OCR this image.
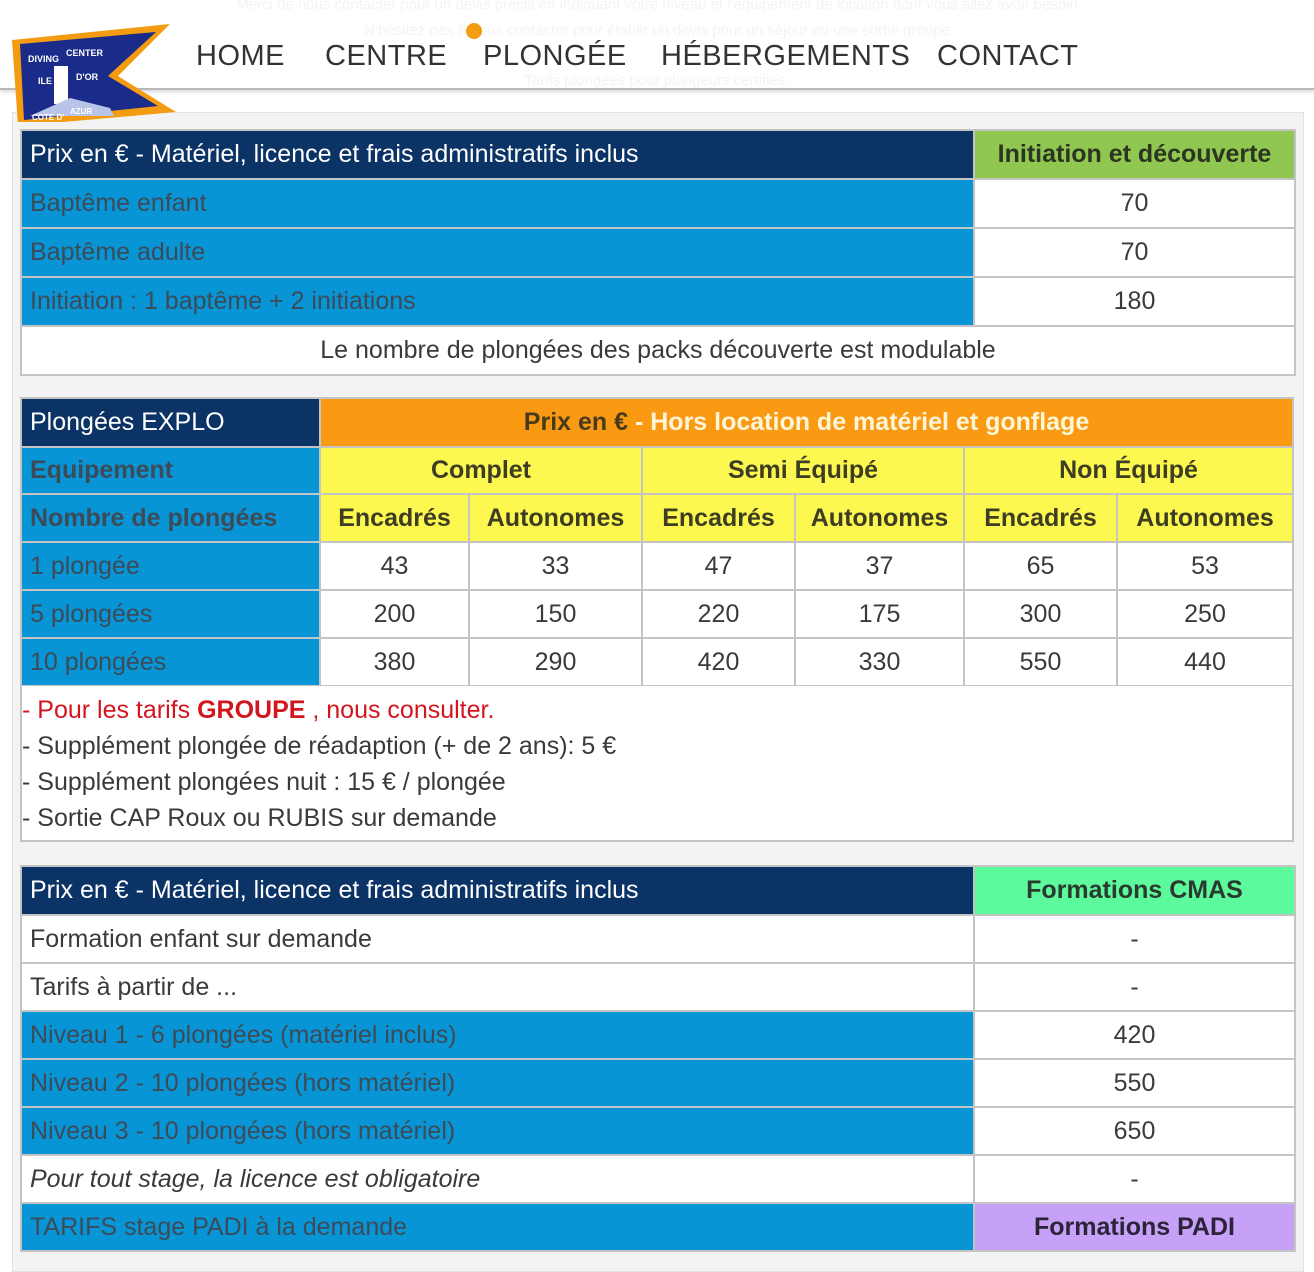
HOME CENTRE PLONGÉE HÉBERGEMENTS CONTACT
DIVING
CENTER
ILE	D'OR
COTE D'
AZUR
Prix en € - Matériel, licence et frais administratifs inclus	Initiation et découverte
Baptême enfant	70
Baptême adulte	70
Initiation : 1 baptême + 2 initiations	180
Le nombre de plongées des packs découverte est modulable	
Plongées EXPLO	Prix en € - Hors location de matériel et gonflage					
Equipement	Complet		Semi Équipé		Non Équipé	
Nombre de plongées	Encadrés	Autonomes	Encadrés	Autonomes	Encadrés	Autonomes
1 plongée	43	33	47	37	65	53
5 plongées	200	150	220	175	300	250
10 plongées	380	290	420	330	550	440
- Pour les tarifs GROUPE , nous consulter.
- Supplément plongée de réadaption (+ de 2 ans): 5 €
- Supplément plongées nuit : 15 € / plongée
- Sortie CAP Roux ou RUBIS sur demande
Prix en € - Matériel, licence et frais administratifs inclus	Formations CMAS
Formation enfant sur demande	-
Tarifs à partir de ...	-
Niveau 1 - 6 plongées (matériel inclus)	420
Niveau 2 - 10 plongées (hors matériel)	550
Niveau 3 - 10 plongées (hors matériel)	650
Pour tout stage, la licence est obligatoire	-
TARIFS stage PADI à la demande	Formations PADI
